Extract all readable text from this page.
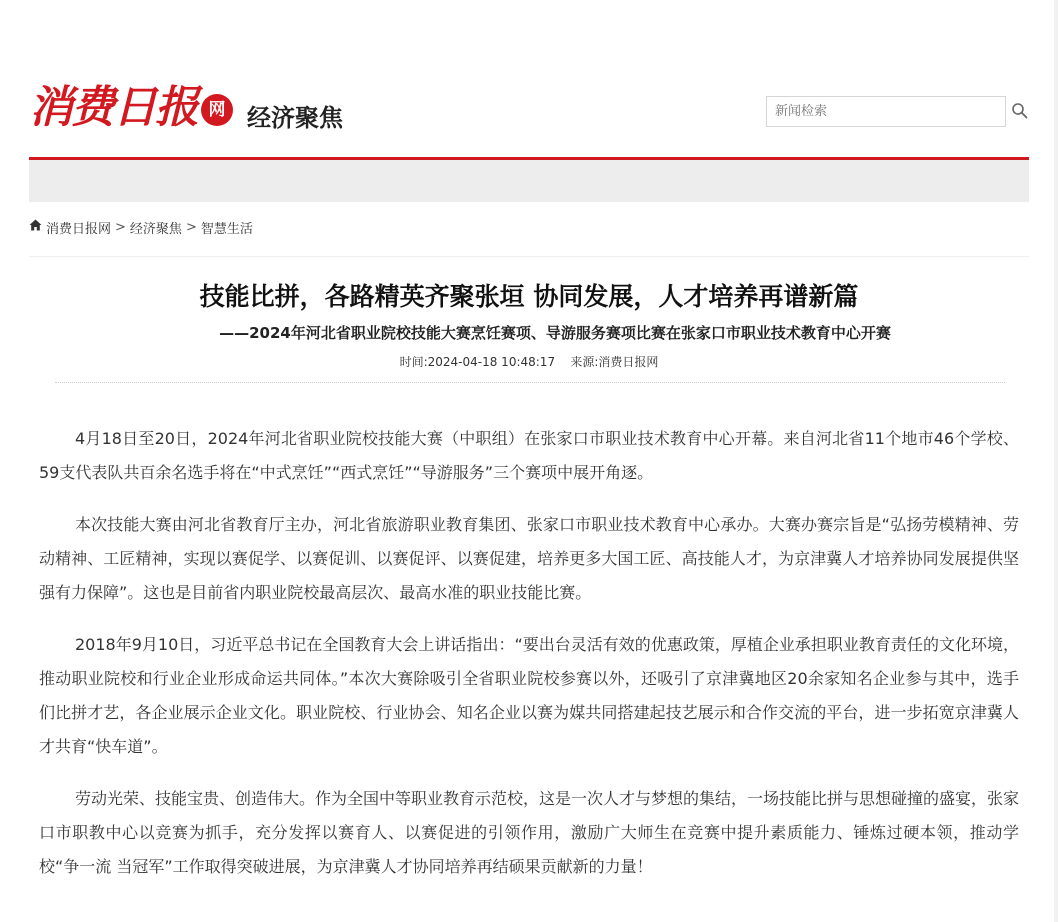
消费日报 网 经济聚焦
新闻检索
消费日报网 > 经济聚焦 > 智慧生活
技能比拼，各路精英齐聚张垣 协同发展，人才培养再谱新篇
——2024年河北省职业院校技能大赛烹饪赛项、导游服务赛项比赛在张家口市职业技术教育中心开赛
时间:2024-04-18 10:48:17 来源:消费日报网

4月18日至20日，2024年河北省职业院校技能大赛（中职组）在张家口市职业技术教育中心开幕。来自河北省11个地市46个学校、59支代表队共百余名选手将在“中式烹饪”“西式烹饪”“导游服务”三个赛项中展开角逐。

本次技能大赛由河北省教育厅主办，河北省旅游职业教育集团、张家口市职业技术教育中心承办。大赛办赛宗旨是“弘扬劳模精神、劳动精神、工匠精神，实现以赛促学、以赛促训、以赛促评、以赛促建，培养更多大国工匠、高技能人才，为京津冀人才培养协同发展提供坚强有力保障”。这也是目前省内职业院校最高层次、最高水准的职业技能比赛。

2018年9月10日，习近平总书记在全国教育大会上讲话指出：“要出台灵活有效的优惠政策，厚植企业承担职业教育责任的文化环境，推动职业院校和行业企业形成命运共同体。”本次大赛除吸引全省职业院校参赛以外，还吸引了京津冀地区20余家知名企业参与其中，选手们比拼才艺，各企业展示企业文化。职业院校、行业协会、知名企业以赛为媒共同搭建起技艺展示和合作交流的平台，进一步拓宽京津冀人才共育“快车道”。

劳动光荣、技能宝贵、创造伟大。作为全国中等职业教育示范校，这是一次人才与梦想的集结，一场技能比拼与思想碰撞的盛宴，张家口市职教中心以竞赛为抓手，充分发挥以赛育人、以赛促进的引领作用，激励广大师生在竞赛中提升素质能力、锤炼过硬本领，推动学校“争一流 当冠军”工作取得突破进展，为京津冀人才协同培养再结硕果贡献新的力量！
